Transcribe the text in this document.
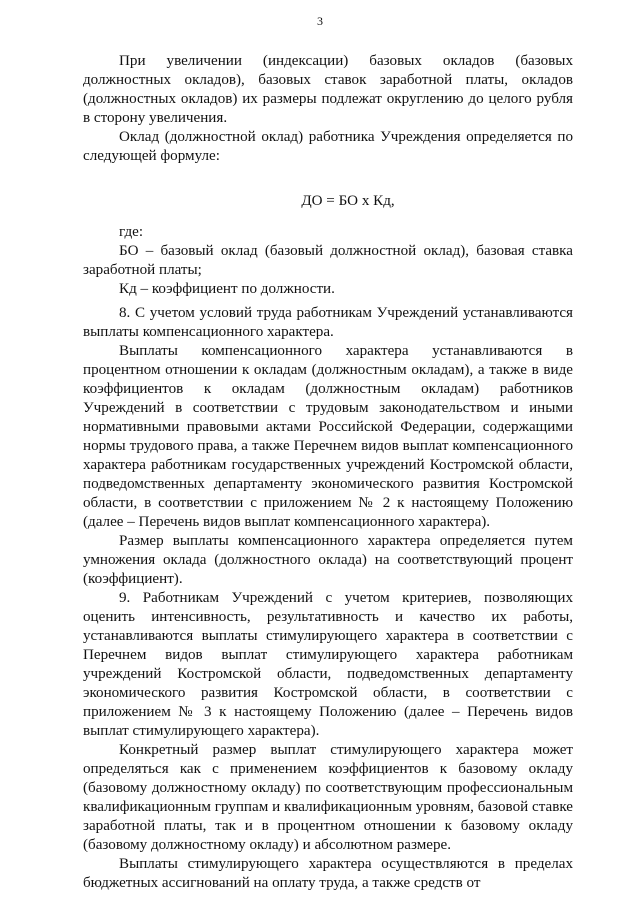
3

При увеличении (индексации) базовых окладов (базовых должностных окладов), базовых ставок заработной платы, окладов (должностных окладов) их размеры подлежат округлению до целого рубля в сторону увеличения.

Оклад (должностной оклад) работника Учреждения определяется по следующей формуле:

ДО = БО х Кд,

где:

БО – базовый оклад (базовый должностной оклад), базовая ставка заработной платы;

Кд – коэффициент по должности.

8. С учетом условий труда работникам Учреждений устанавливаются выплаты компенсационного характера.

Выплаты компенсационного характера устанавливаются в процентном отношении к окладам (должностным окладам), а также в виде коэффициентов к окладам (должностным окладам) работников Учреждений в соответствии с трудовым законодательством и иными нормативными правовыми актами Российской Федерации, содержащими нормы трудового права, а также Перечнем видов выплат компенсационного характера работникам государственных учреждений Костромской области, подведомственных департаменту экономического развития Костромской области, в соответствии с приложением № 2 к настоящему Положению (далее – Перечень видов выплат компенсационного характера).

Размер выплаты компенсационного характера определяется путем умножения оклада (должностного оклада) на соответствующий процент (коэффициент).

9. Работникам Учреждений с учетом критериев, позволяющих оценить интенсивность, результативность и качество их работы, устанавливаются выплаты стимулирующего характера в соответствии с Перечнем видов выплат стимулирующего характера работникам учреждений Костромской области, подведомственных департаменту экономического развития Костромской области, в соответствии с приложением № 3 к настоящему Положению (далее – Перечень видов выплат стимулирующего характера).

Конкретный размер выплат стимулирующего характера может определяться как с применением коэффициентов к базовому окладу (базовому должностному окладу) по соответствующим профессиональным квалификационным группам и квалификационным уровням, базовой ставке заработной платы, так и в процентном отношении к базовому окладу (базовому должностному окладу) и абсолютном размере.

Выплаты стимулирующего характера осуществляются в пределах бюджетных ассигнований на оплату труда, а также средств от
